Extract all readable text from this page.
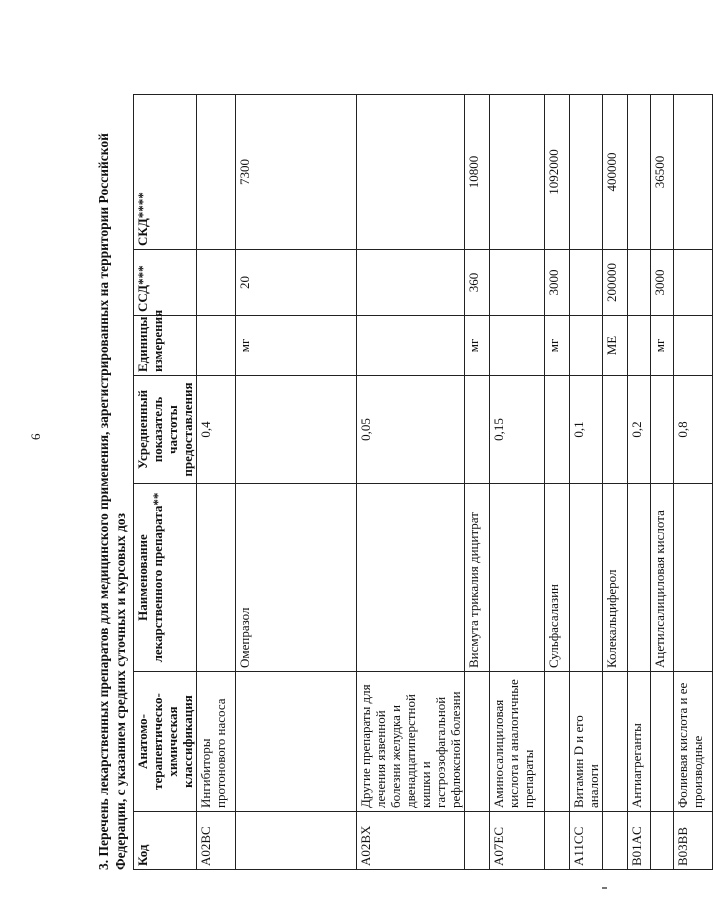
6	3. Перечень лекарственных препаратов для медицинского применения, зарегистрированных на территории Российской Федерации, с указанием средних суточных и курсовых доз Код	Анатомо-терапевтическо-химическая классификация	Наименование лекарственного препарата**	Усредненный показатель частоты предоставления	Единицы измерения	ССД***	СКД****
A02BC	Ингибиторы протонового насоса		0,4			
		Омепразол		мг	20	7300
A02BX	Другие препараты для лечения язвенной болезни желудка и двенадцатиперстной кишки и гастроэзофагальной рефлюксной болезни		0,05			
		Висмута трикалия дицитрат		мг	360	10800
A07EC	Аминосалициловая кислота и аналогичные препараты		0,15			
		Сульфасалазин		мг	3000	1092000
A11CC	Витамин D и его аналоги		0,1			
		Колекальциферол		МЕ	200000	400000
B01AC	Антиагреганты		0,2			
		Ацетилсалициловая кислота		мг	3000	36500
B03BB	Фолиевая кислота и ее производные		0,8			
